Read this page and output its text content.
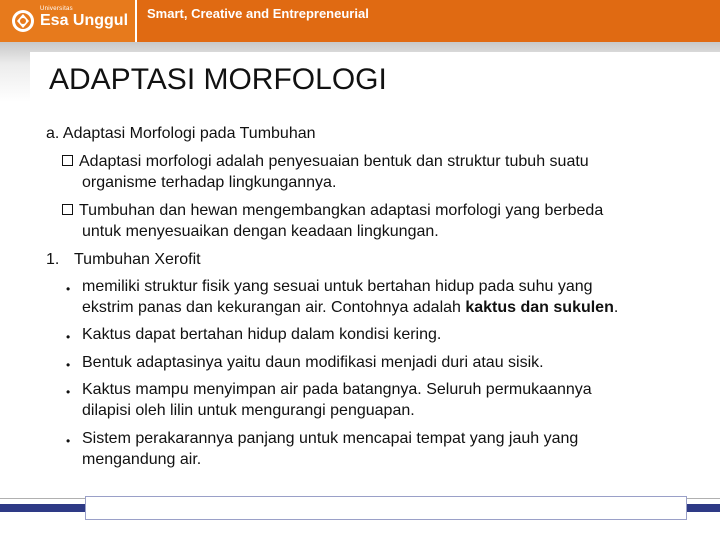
Universitas
Esa Unggul Smart, Creative and Entrepreneurial
ADAPTASI MORFOLOGI
a. Adaptasi Morfologi pada Tumbuhan
Adaptasi morfologi adalah penyesuaian bentuk dan struktur tubuh suatu
organisme terhadap lingkungannya.
Tumbuhan dan hewan mengembangkan adaptasi morfologi yang berbeda
untuk menyesuaikan dengan keadaan lingkungan.
1. Tumbuhan Xerofit
• memiliki struktur fisik yang sesuai untuk bertahan hidup pada suhu yang
ekstrim panas dan kekurangan air. Contohnya adalah kaktus dan sukulen.
• Kaktus dapat bertahan hidup dalam kondisi kering.
• Bentuk adaptasinya yaitu daun modifikasi menjadi duri atau sisik.
• Kaktus mampu menyimpan air pada batangnya. Seluruh permukaannya
dilapisi oleh lilin untuk mengurangi penguapan.
• Sistem perakarannya panjang untuk mencapai tempat yang jauh yang
mengandung air.
